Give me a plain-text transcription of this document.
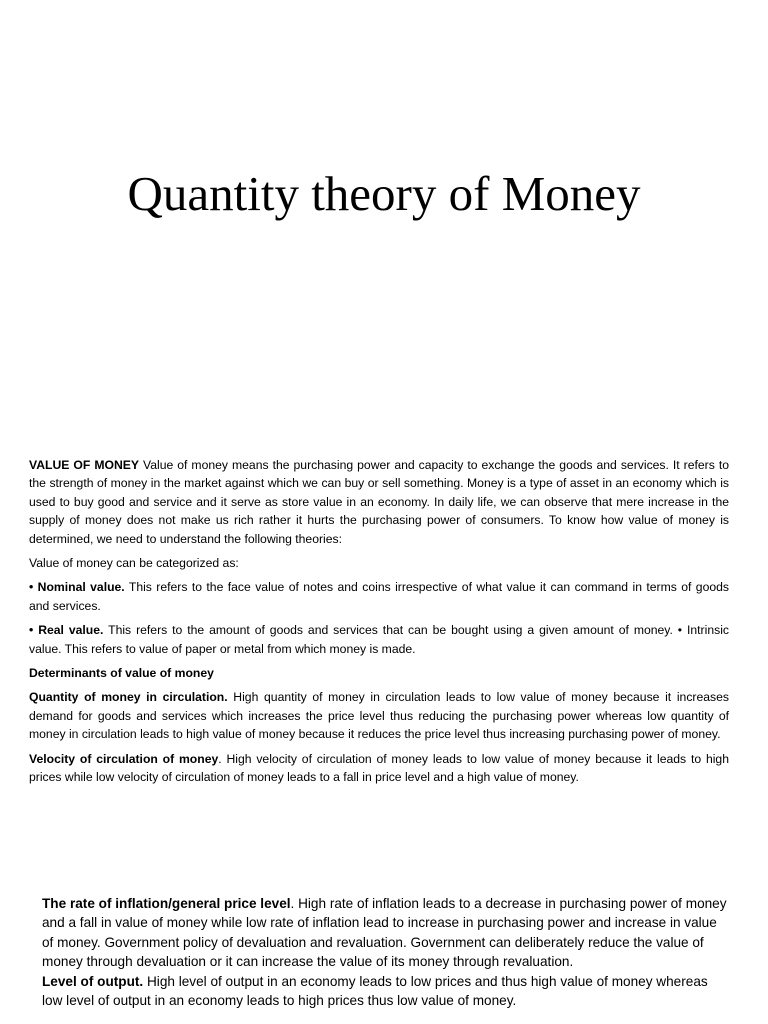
Quantity theory of Money

VALUE OF MONEY Value of money means the purchasing power and capacity to exchange the goods and services. It refers to the strength of money in the market against which we can buy or sell something. Money is a type of asset in an economy which is used to buy good and service and it serve as store value in an economy. In daily life, we can observe that mere increase in the supply of money does not make us rich rather it hurts the purchasing power of consumers. To know how value of money is determined, we need to understand the following theories:

Value of money can be categorized as:

• Nominal value. This refers to the face value of notes and coins irrespective of what value it can command in terms of goods and services.

• Real value. This refers to the amount of goods and services that can be bought using a given amount of money. • Intrinsic value. This refers to value of paper or metal from which money is made.

Determinants of value of money

Quantity of money in circulation. High quantity of money in circulation leads to low value of money because it increases demand for goods and services which increases the price level thus reducing the purchasing power whereas low quantity of money in circulation leads to high value of money because it reduces the price level thus increasing purchasing power of money.

Velocity of circulation of money. High velocity of circulation of money leads to low value of money because it leads to high prices while low velocity of circulation of money leads to a fall in price level and a high value of money.

The rate of inflation/general price level. High rate of inflation leads to a decrease in purchasing power of money and a fall in value of money while low rate of inflation lead to increase in purchasing power and increase in value of money. Government policy of devaluation and revaluation. Government can deliberately reduce the value of money through devaluation or it can increase the value of its money through revaluation.

Level of output. High level of output in an economy leads to low prices and thus high value of money whereas low level of output in an economy leads to high prices thus low value of money.
